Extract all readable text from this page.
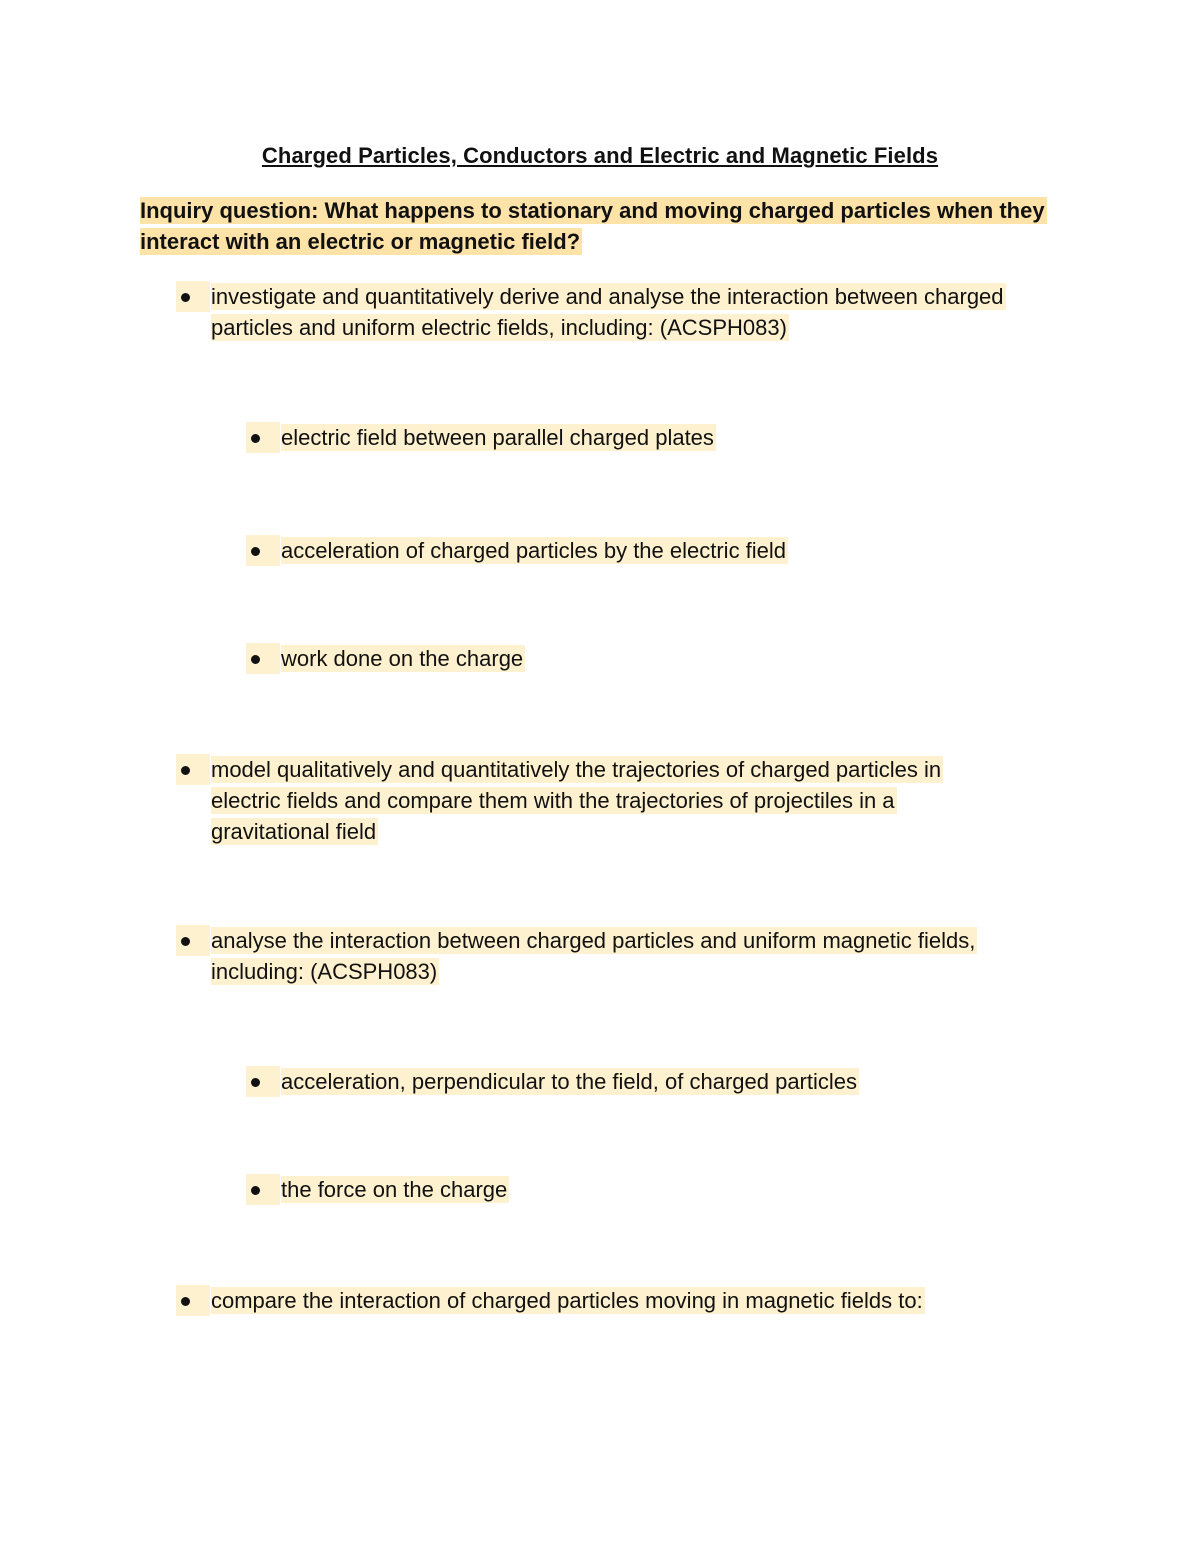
Charged Particles, Conductors and Electric and Magnetic Fields
Inquiry question: What happens to stationary and moving charged particles when they interact with an electric or magnetic field?
investigate and quantitatively derive and analyse the interaction between charged particles and uniform electric fields, including: (ACSPH083)
electric field between parallel charged plates
acceleration of charged particles by the electric field
work done on the charge
model qualitatively and quantitatively the trajectories of charged particles in electric fields and compare them with the trajectories of projectiles in a gravitational field
analyse the interaction between charged particles and uniform magnetic fields, including: (ACSPH083)
acceleration, perpendicular to the field, of charged particles
the force on the charge
compare the interaction of charged particles moving in magnetic fields to:
